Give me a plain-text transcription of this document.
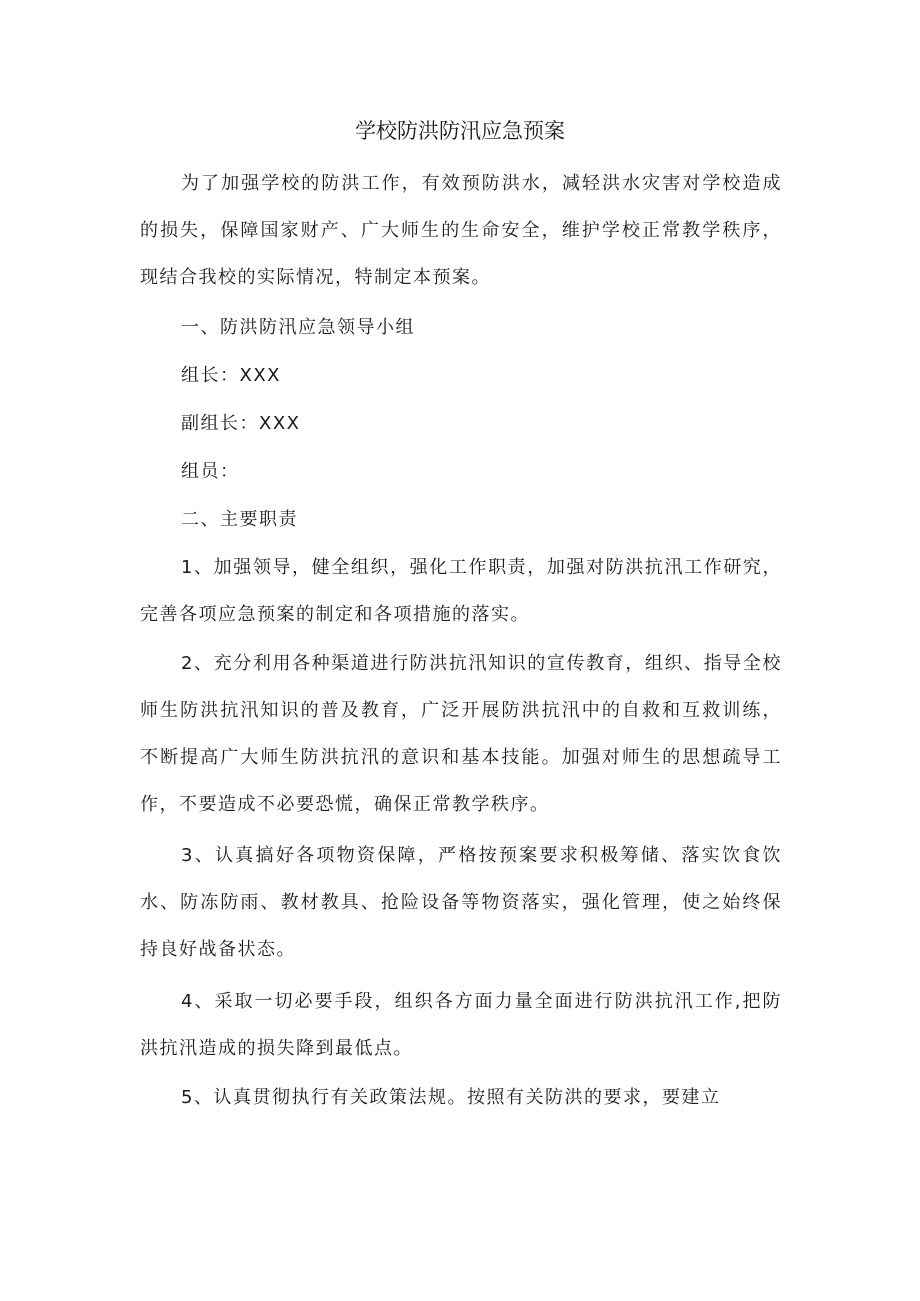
学校防洪防汛应急预案

为了加强学校的防洪工作，有效预防洪水，减轻洪水灾害对学校造成的损失，保障国家财产、广大师生的生命安全，维护学校正常教学秩序，现结合我校的实际情况，特制定本预案。

一、防洪防汛应急领导小组

组长：XXX

副组长：XXX

组员：

二、主要职责

1、加强领导，健全组织，强化工作职责，加强对防洪抗汛工作研究，完善各项应急预案的制定和各项措施的落实。

2、充分利用各种渠道进行防洪抗汛知识的宣传教育，组织、指导全校师生防洪抗汛知识的普及教育，广泛开展防洪抗汛中的自救和互救训练，不断提高广大师生防洪抗汛的意识和基本技能。加强对师生的思想疏导工作，不要造成不必要恐慌，确保正常教学秩序。

3、认真搞好各项物资保障，严格按预案要求积极筹储、落实饮食饮水、防冻防雨、教材教具、抢险设备等物资落实，强化管理，使之始终保持良好战备状态。

4、采取一切必要手段，组织各方面力量全面进行防洪抗汛工作,把防洪抗汛造成的损失降到最低点。

5、认真贯彻执行有关政策法规。按照有关防洪的要求，要建立
